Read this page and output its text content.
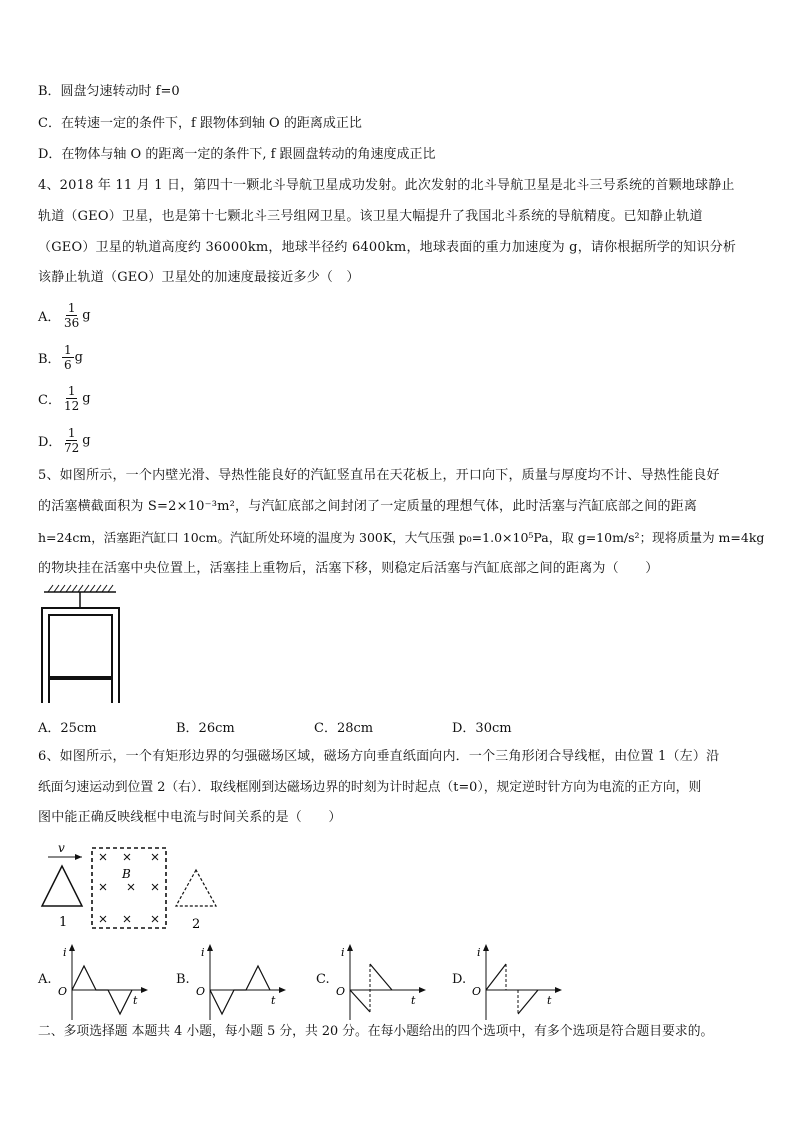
B．圆盘匀速转动时 f=0
C．在转速一定的条件下，f 跟物体到轴 O 的距离成正比
D．在物体与轴 O 的距离一定的条件下, f 跟圆盘转动的角速度成正比
4、2018 年 11 月 1 日，第四十一颗北斗导航卫星成功发射。此次发射的北斗导航卫星是北斗三号系统的首颗地球静止
轨道（GEO）卫星，也是第十七颗北斗三号组网卫星。该卫星大幅提升了我国北斗系统的导航精度。已知静止轨道
（GEO）卫星的轨道高度约 36000km，地球半径约 6400km，地球表面的重力加速度为 g，请你根据所学的知识分析
该静止轨道（GEO）卫星处的加速度最接近多少（　）
A． $\frac{1}{36}$ g
B． $\frac{1}{6}$ g
C． $\frac{1}{12}$ g
D． $\frac{1}{72}$ g
5、如图所示，一个内壁光滑、导热性能良好的汽缸竖直吊在天花板上，开口向下，质量与厚度均不计、导热性能良好
的活塞横截面积为 S=2×10⁻³m²，与汽缸底部之间封闭了一定质量的理想气体，此时活塞与汽缸底部之间的距离
h=24cm，活塞距汽缸口 10cm。汽缸所处环境的温度为 300K，大气压强 p₀=1.0×10⁵Pa，取 g=10m/s²；现将质量为 m=4kg
的物块挂在活塞中央位置上，活塞挂上重物后，活塞下移，则稳定后活塞与汽缸底部之间的距离为（　　）
A．25cm	B．26cm	C．28cm	D．30cm
6、如图所示，一个有矩形边界的匀强磁场区域，磁场方向垂直纸面向内．一个三角形闭合导线框，由位置 1（左）沿
纸面匀速运动到位置 2（右）．取线框刚到达磁场边界的时刻为计时起点（t=0），规定逆时针方向为电流的正方向，则
图中能正确反映线框中电流与时间关系的是（　　）
v
1
B
2
A.	B.	C.	D.
i
O
t
i
O
t
i
O
t
i
O
t
二、多项选择题 本题共 4 小题，每小题 5 分，共 20 分。在每小题给出的四个选项中，有多个选项是符合题目要求的。
